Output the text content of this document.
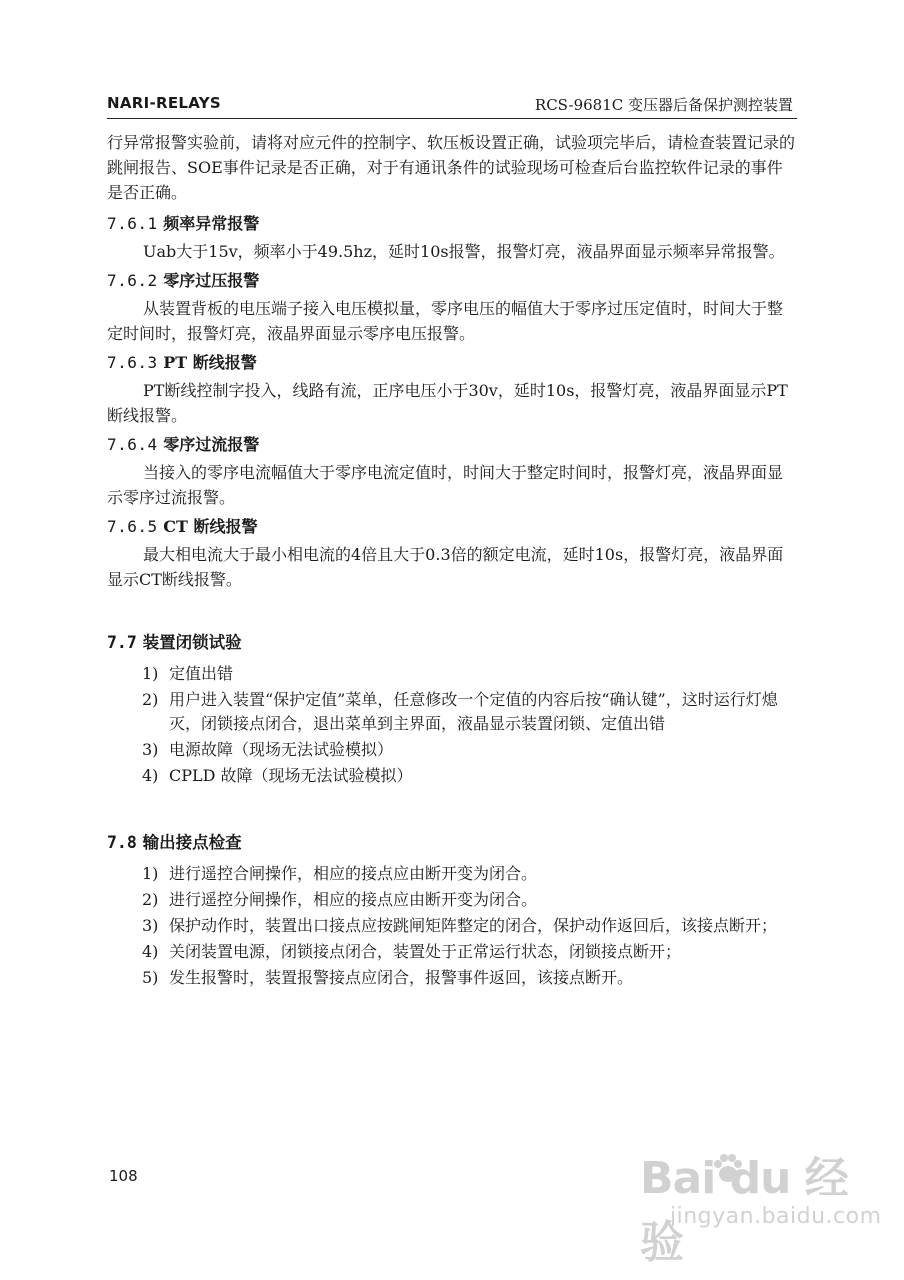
NARI-RELAYS	RCS-9681C 变压器后备保护测控装置

行异常报警实验前，请将对应元件的控制字、软压板设置正确，试验项完毕后，请检查装置记录的跳闸报告、SOE事件记录是否正确，对于有通讯条件的试验现场可检查后台监控软件记录的事件是否正确。

7.6.1 频率异常报警

Uab大于15v，频率小于49.5hz，延时10s报警，报警灯亮，液晶界面显示频率异常报警。

7.6.2 零序过压报警

从装置背板的电压端子接入电压模拟量，零序电压的幅值大于零序过压定值时，时间大于整定时间时，报警灯亮，液晶界面显示零序电压报警。

7.6.3 PT 断线报警

PT断线控制字投入，线路有流，正序电压小于30v，延时10s，报警灯亮，液晶界面显示PT断线报警。

7.6.4 零序过流报警

当接入的零序电流幅值大于零序电流定值时，时间大于整定时间时，报警灯亮，液晶界面显示零序过流报警。

7.6.5 CT 断线报警

最大相电流大于最小相电流的4倍且大于0.3倍的额定电流，延时10s，报警灯亮，液晶界面显示CT断线报警。

7.7 装置闭锁试验
1) 定值出错
2) 用户进入装置“保护定值”菜单，任意修改一个定值的内容后按“确认键”，这时运行灯熄灭，闭锁接点闭合，退出菜单到主界面，液晶显示装置闭锁、定值出错
3) 电源故障（现场无法试验模拟）
4) CPLD 故障（现场无法试验模拟）
7.8 输出接点检查
1) 进行遥控合闸操作，相应的接点应由断开变为闭合。
2) 进行遥控分闸操作，相应的接点应由断开变为闭合。
3) 保护动作时，装置出口接点应按跳闸矩阵整定的闭合，保护动作返回后，该接点断开；
4) 关闭装置电源，闭锁接点闭合，装置处于正常运行状态，闭锁接点断开；
5) 发生报警时，装置报警接点应闭合，报警事件返回，该接点断开。
108	Bai du 经验
jingyan.baidu.com
